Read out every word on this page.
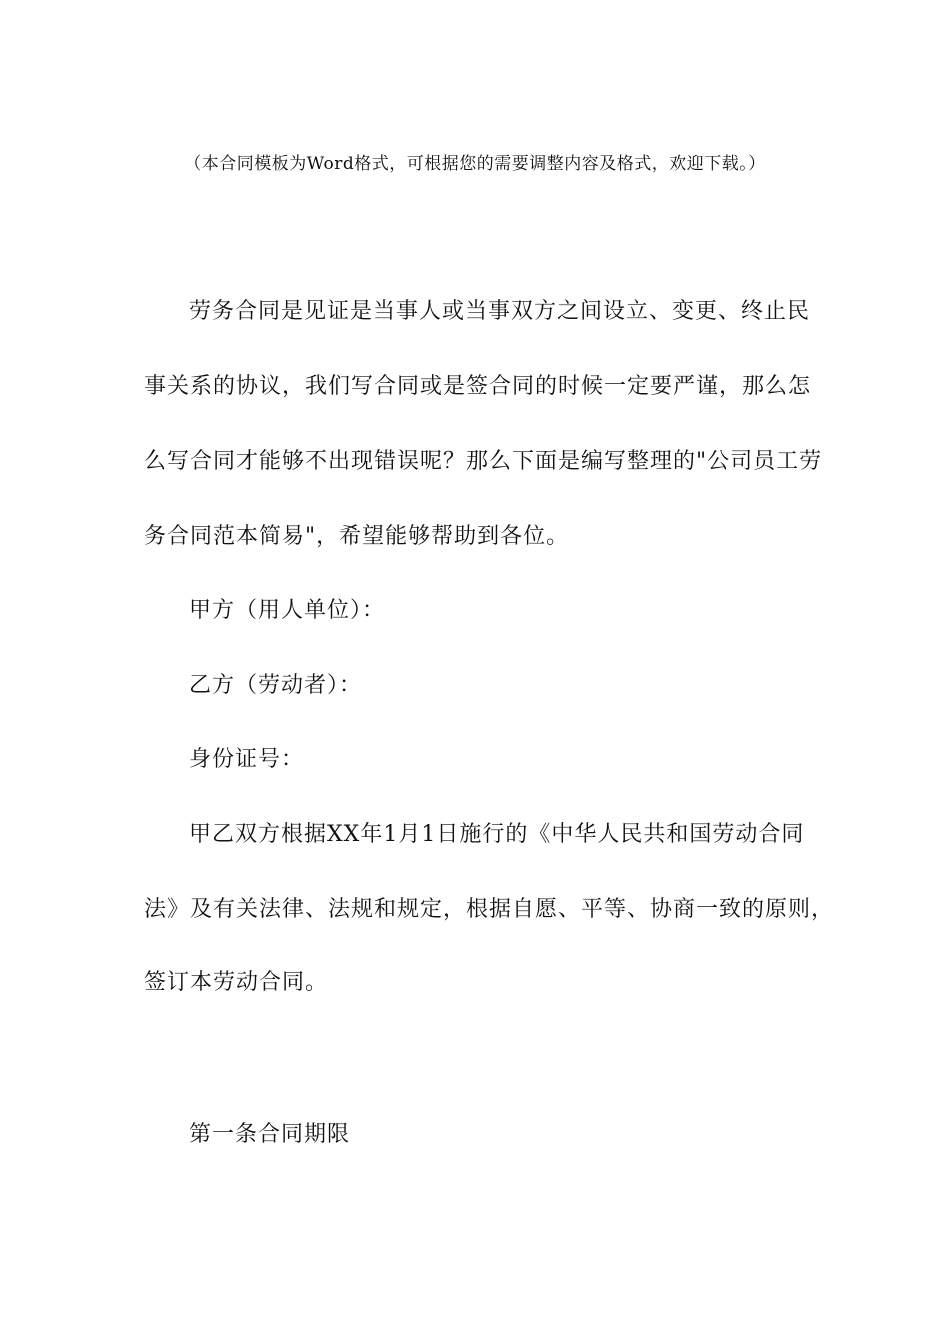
（本合同模板为Word格式，可根据您的需要调整内容及格式，欢迎下载。）
劳务合同是见证是当事人或当事双方之间设立、变更、终止民
事关系的协议，我们写合同或是签合同的时候一定要严谨，那么怎
么写合同才能够不出现错误呢？那么下面是编写整理的"公司员工劳
务合同范本简易"，希望能够帮助到各位。
甲方（用人单位）：
乙方（劳动者）：
身份证号：
甲乙双方根据XX年1月1日施行的《中华人民共和国劳动合同
法》及有关法律、法规和规定，根据自愿、平等、协商一致的原则，
签订本劳动合同。
第一条合同期限
